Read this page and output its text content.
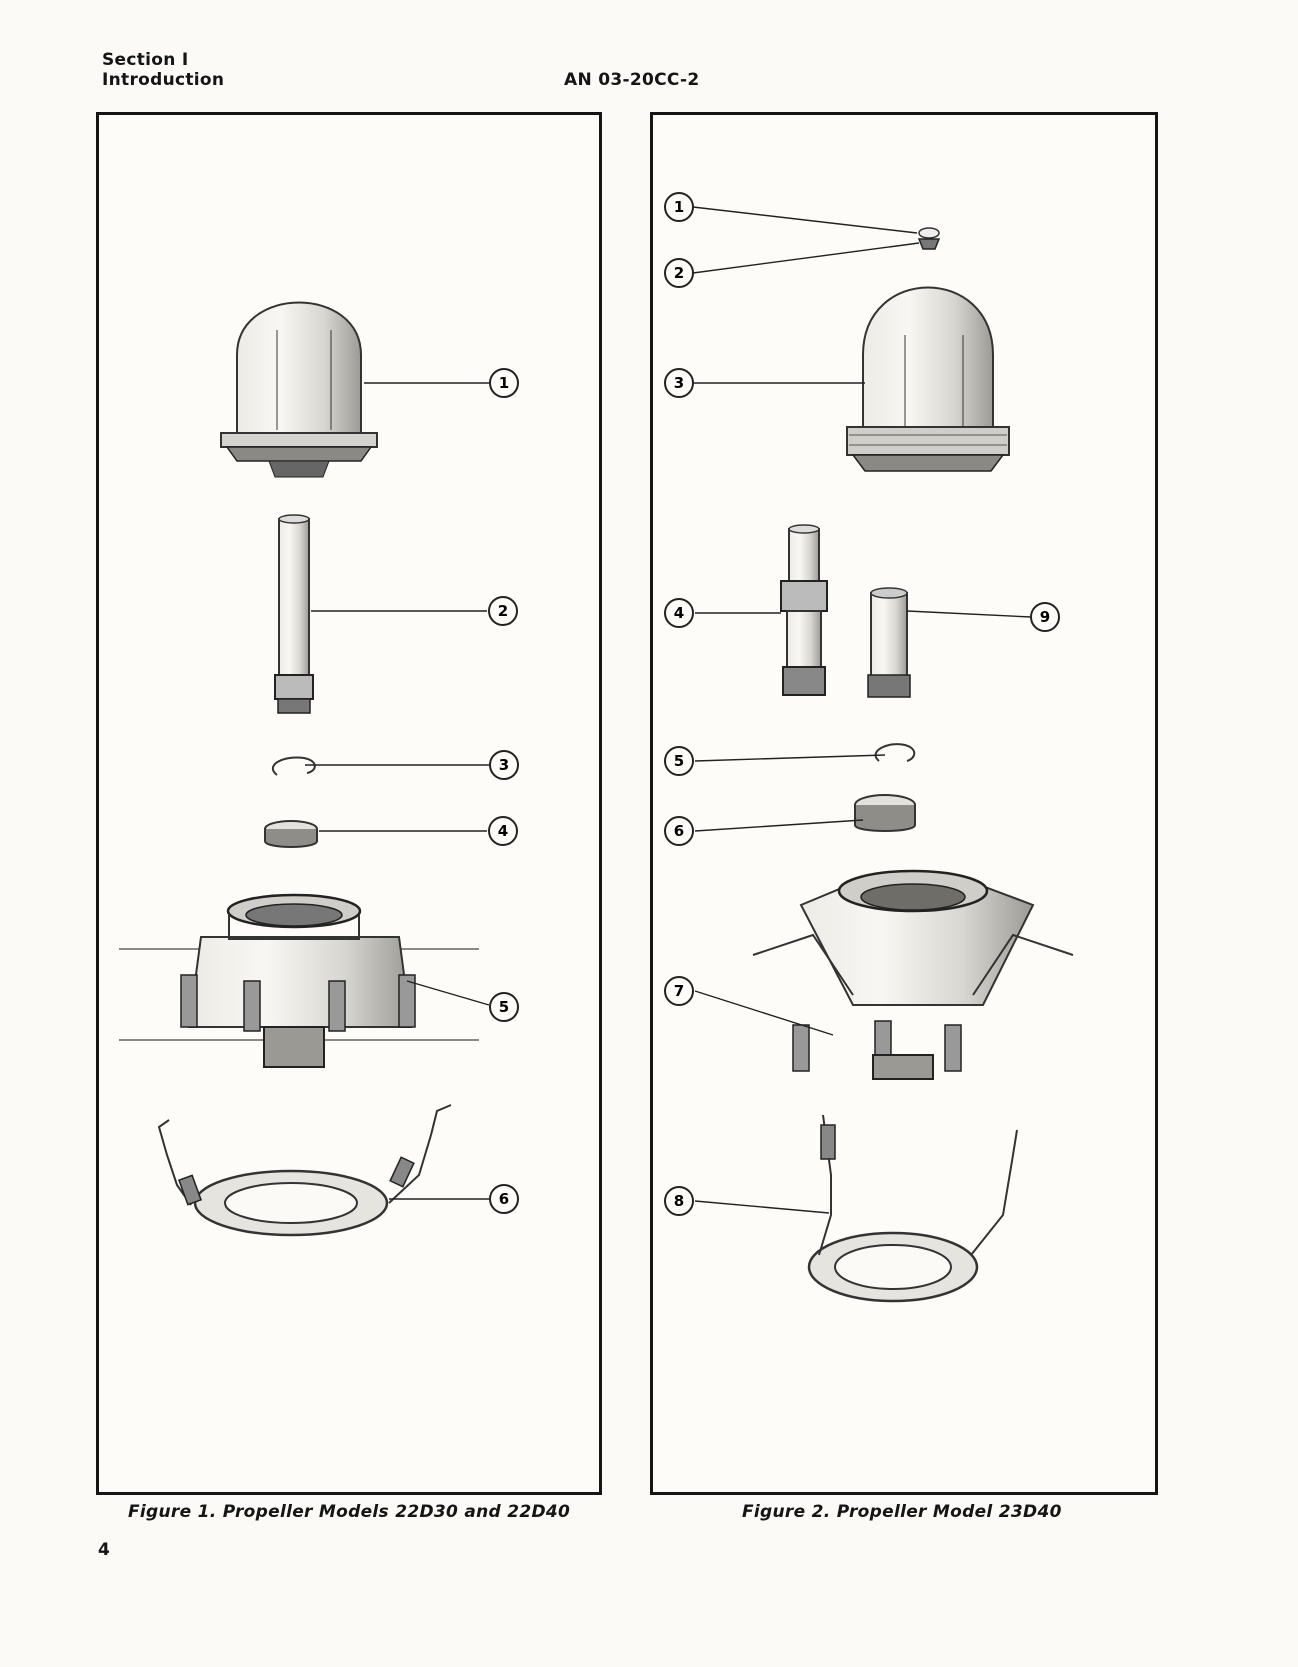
Section I
Introduction	AN 03-20CC-2
1
2
3
4
5
6
1
2
3
4
5
6
7
8
9
Figure 1. Propeller Models 22D30 and 22D40	Figure 2. Propeller Model 23D40
4
